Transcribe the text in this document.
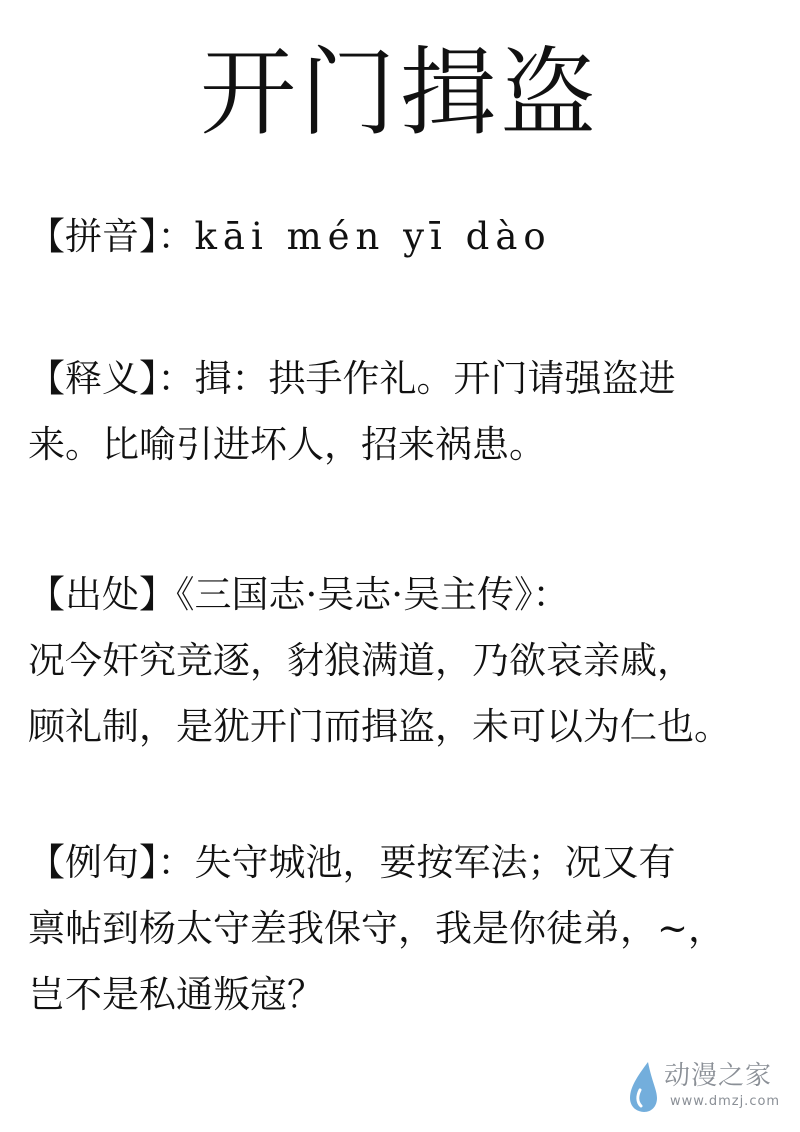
开门揖盗
【拼音】：kāi mén yī dào
【释义】：揖：拱手作礼。开门请强盗进
来。比喻引进坏人，招来祸患。
【出处】《三国志·吴志·吴主传》：
况今奸究竞逐，豺狼满道，乃欲哀亲戚，
顾礼制，是犹开门而揖盗，未可以为仁也。
【例句】：失守城池，要按军法；况又有
禀帖到杨太守差我保守，我是你徒弟，~，
岂不是私通叛寇？
动漫之家
www.dmzj.com
